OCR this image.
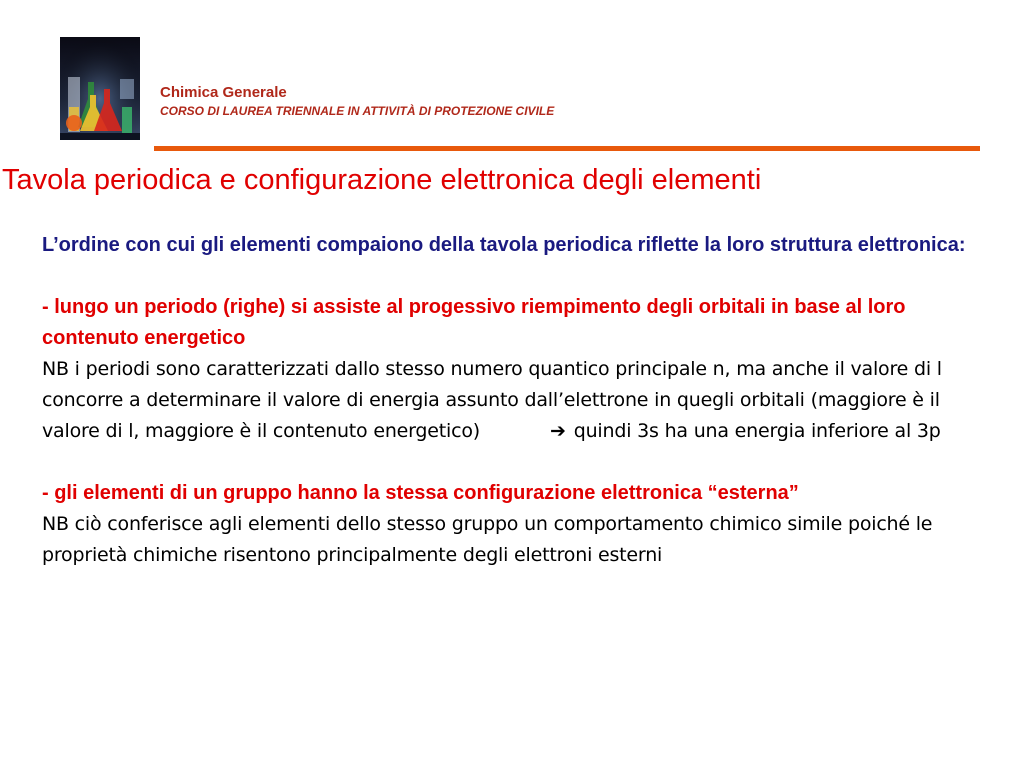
Chimica Generale
CORSO DI LAUREA TRIENNALE IN ATTIVITÀ DI PROTEZIONE CIVILE
Tavola periodica e configurazione elettronica degli elementi

L’ordine con cui gli elementi compaiono della tavola periodica riflette la loro struttura elettronica:

- lungo un periodo (righe) si assiste al progessivo riempimento degli orbitali in base al loro contenuto energetico

NB i periodi sono caratterizzati dallo stesso numero quantico principale n, ma anche il valore di l concorre a determinare il valore di energia assunto dall’elettrone in quegli orbitali (maggiore è il valore di l, maggiore è il contenuto energetico)	➔ quindi 3s ha una energia inferiore al 3p

- gli elementi di un gruppo hanno la stessa configurazione elettronica “esterna”

NB ciò conferisce agli elementi dello stesso gruppo un comportamento chimico simile poiché le proprietà chimiche risentono principalmente degli elettroni esterni
